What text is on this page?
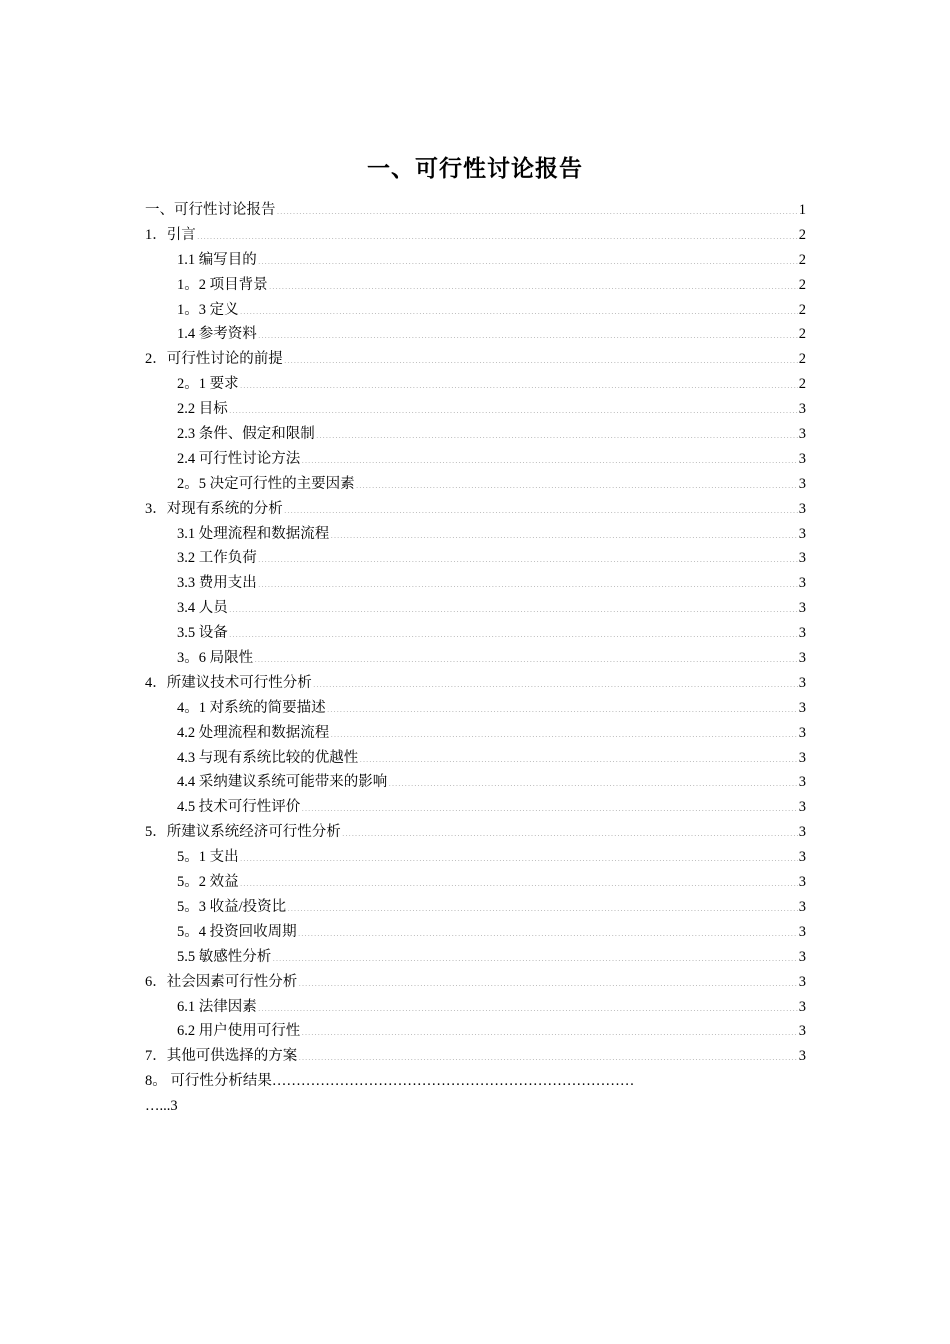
一、可行性讨论报告
一、可行性讨论报告 .....	1
1．引言 .....	2
1.1 编写目的 .....	2
1。2 项目背景 .....	2
1。3 定义 .....	2
1.4 参考资料 .....	2
2．可行性讨论的前提 .....	2
2。1 要求 .....	2
2.2 目标 .....	3
2.3 条件、假定和限制 .....	3
2.4 可行性讨论方法 .....	3
2。5 决定可行性的主要因素 .....	3
3．对现有系统的分析 .....	3
3.1 处理流程和数据流程 .....	3
3.2 工作负荷 .....	3
3.3 费用支出 .....	3
3.4 人员 .....	3
3.5 设备 .....	3
3。6 局限性 .....	3
4．所建议技术可行性分析 .....	3
4。1 对系统的简要描述 .....	3
4.2 处理流程和数据流程 .....	3
4.3 与现有系统比较的优越性 .....	3
4.4 采纳建议系统可能带来的影响 .....	3
4.5 技术可行性评价 .....	3
5．所建议系统经济可行性分析 .....	3
5。1 支出 .....	3
5。2 效益 .....	3
5。3 收益/投资比 .....	3
5。4 投资回收周期 .....	3
5.5 敏感性分析 .....	3
6．社会因素可行性分析 .....	3
6.1 法律因素 .....	3
6.2 用户使用可行性 .....	3
7．其他可供选择的方案 .....	3
8。 可行性分析结果…………………………………………………………………
…...3
